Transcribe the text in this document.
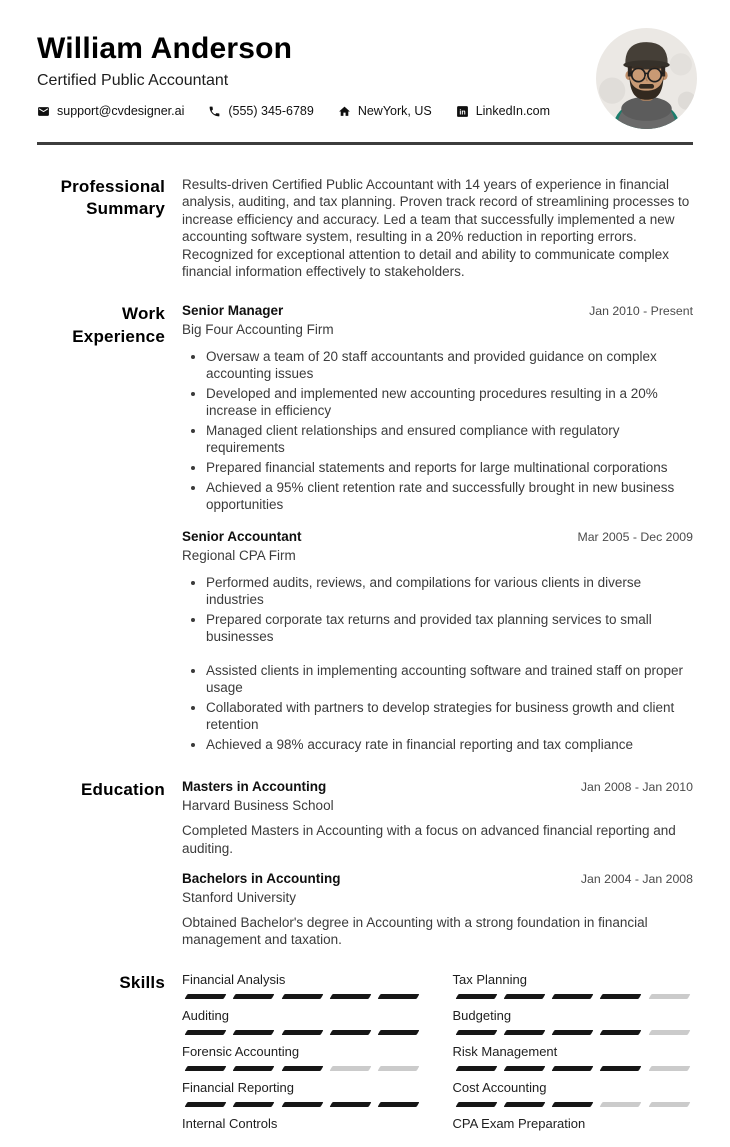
William Anderson
Certified Public Accountant
support@cvdesigner.ai	(555) 345-6789	NewYork, US in LinkedIn.com
Professional Summary
Results-driven Certified Public Accountant with 14 years of experience in financial analysis, auditing, and tax planning. Proven track record of streamlining processes to increase efficiency and accuracy. Led a team that successfully implemented a new accounting software system, resulting in a 20% reduction in reporting errors. Recognized for exceptional attention to detail and ability to communicate complex financial information effectively to stakeholders.
Work Experience
Senior Manager	Jan 2010 - Present
Big Four Accounting Firm
• Oversaw a team of 20 staff accountants and provided guidance on complex accounting issues
• Developed and implemented new accounting procedures resulting in a 20% increase in efficiency
• Managed client relationships and ensured compliance with regulatory requirements
• Prepared financial statements and reports for large multinational corporations
• Achieved a 95% client retention rate and successfully brought in new business opportunities
Senior Accountant	Mar 2005 - Dec 2009
Regional CPA Firm
• Performed audits, reviews, and compilations for various clients in diverse industries
• Prepared corporate tax returns and provided tax planning services to small businesses
• Assisted clients in implementing accounting software and trained staff on proper usage
• Collaborated with partners to develop strategies for business growth and client retention
• Achieved a 98% accuracy rate in financial reporting and tax compliance
Education Masters in Accounting	Jan 2008 - Jan 2010
Harvard Business School
Completed Masters in Accounting with a focus on advanced financial reporting and auditing.
Bachelors in Accounting	Jan 2004 - Jan 2008
Stanford University
Obtained Bachelor's degree in Accounting with a strong foundation in financial management and taxation.
Skills Financial Analysis
Auditing
Forensic Accounting
Financial Reporting
Internal Controls
Tax Planning
Budgeting
Risk Management
Cost Accounting
CPA Exam Preparation
